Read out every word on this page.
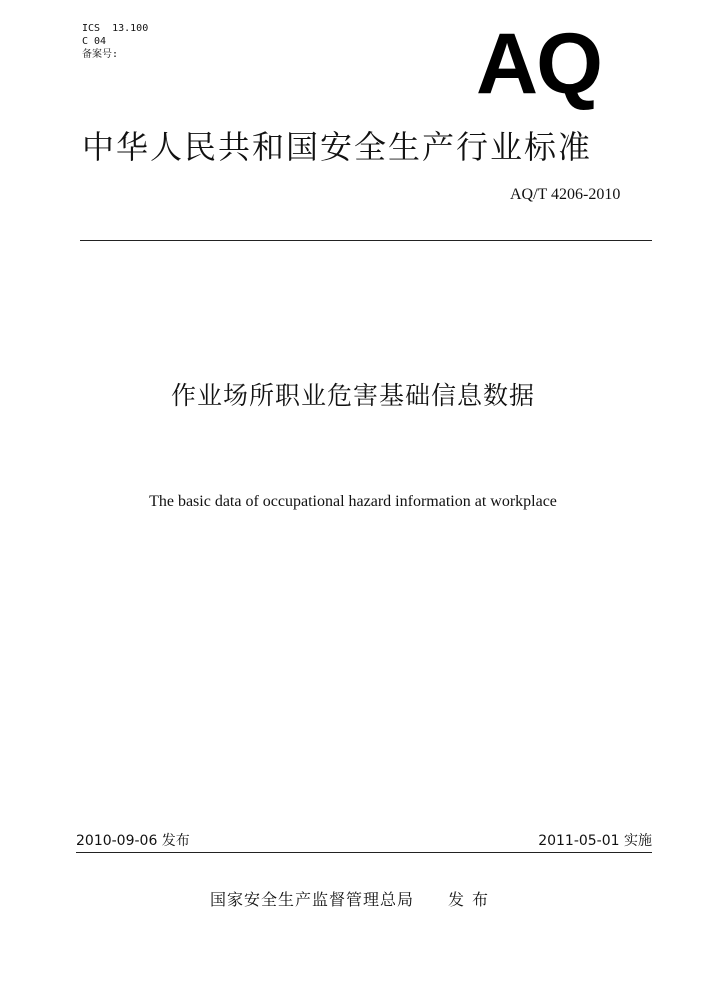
ICS  13.100
C 04
备案号:	AQ
中华人民共和国安全生产行业标准
AQ/T 4206-2010
作业场所职业危害基础信息数据
The basic data of occupational hazard information at workplace
2010-09-06 发布	2011-05-01 实施
国家安全生产监督管理总局 发布
